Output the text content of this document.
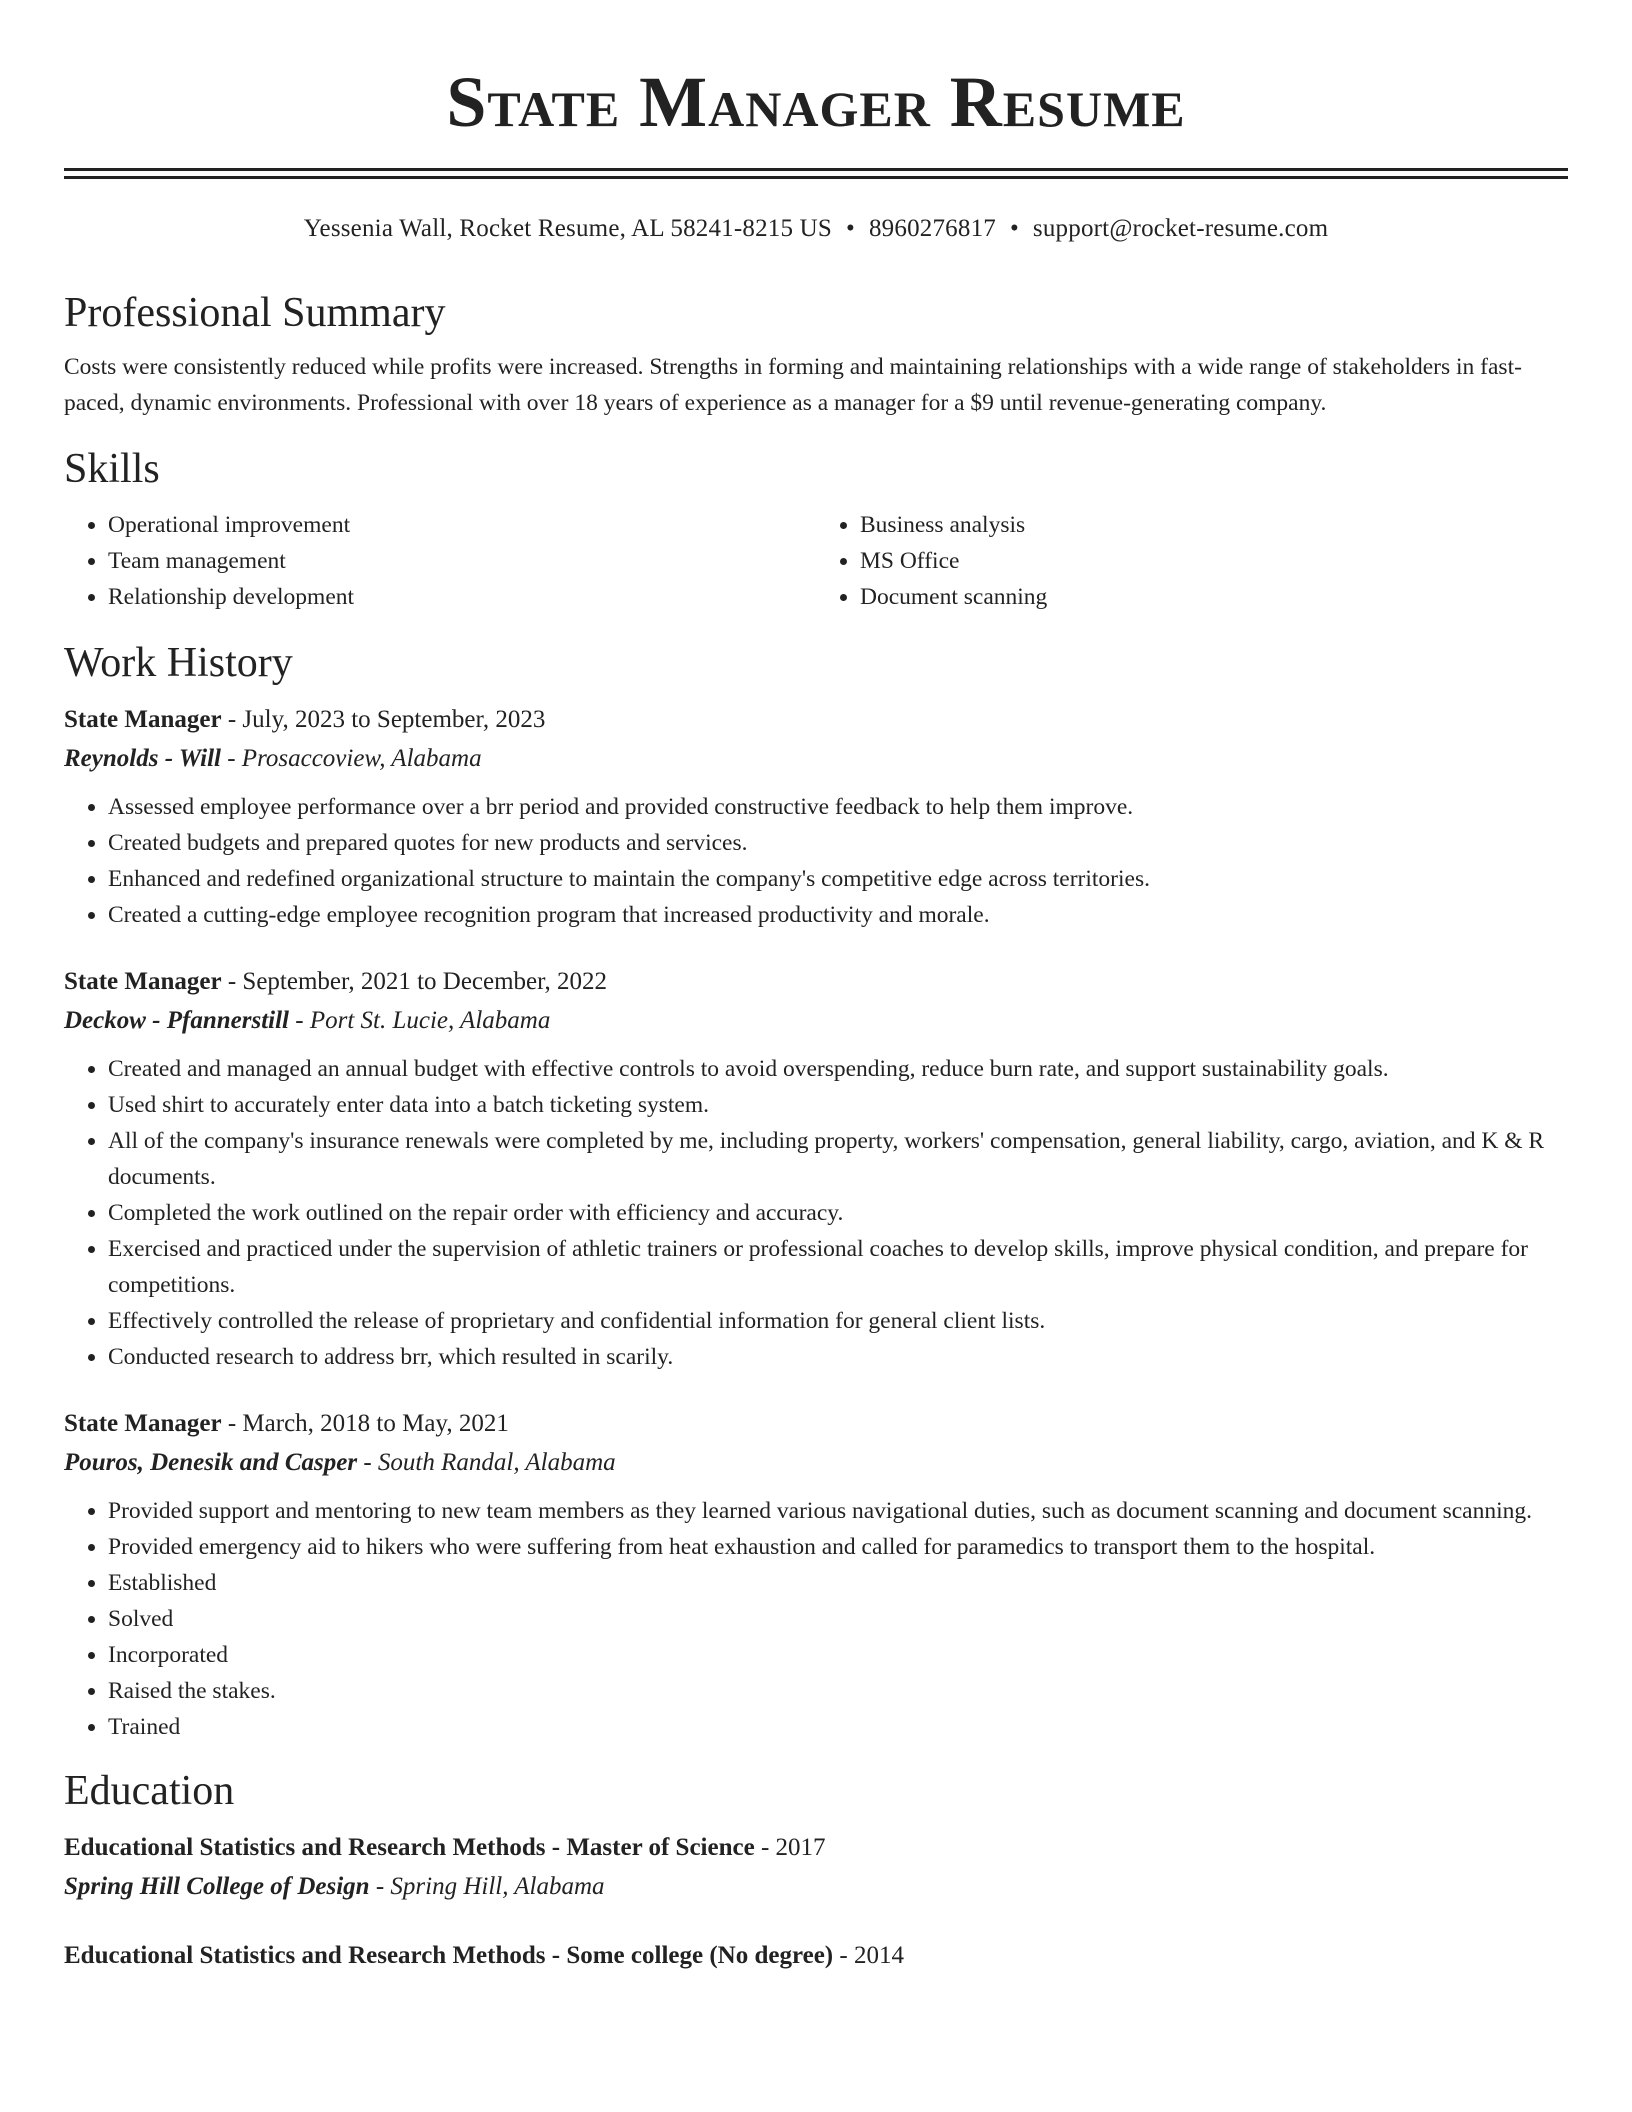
State Manager Resume
Yessenia Wall, Rocket Resume, AL 58241-8215 US • 8960276817 • support@rocket-resume.com
Professional Summary

Costs were consistently reduced while profits were increased. Strengths in forming and maintaining relationships with a wide range of stakeholders in fast-paced, dynamic environments. Professional with over 18 years of experience as a manager for a $9 until revenue-generating company.

Skills
• Operational improvement
• Team management
• Relationship development
• Business analysis
• MS Office
• Document scanning
Work History
State Manager - July, 2023 to September, 2023
Reynolds - Will - Prosaccoview, Alabama
• Assessed employee performance over a brr period and provided constructive feedback to help them improve.
• Created budgets and prepared quotes for new products and services.
• Enhanced and redefined organizational structure to maintain the company's competitive edge across territories.
• Created a cutting-edge employee recognition program that increased productivity and morale.
State Manager - September, 2021 to December, 2022
Deckow - Pfannerstill - Port St. Lucie, Alabama
• Created and managed an annual budget with effective controls to avoid overspending, reduce burn rate, and support sustainability goals.
• Used shirt to accurately enter data into a batch ticketing system.
• All of the company's insurance renewals were completed by me, including property, workers' compensation, general liability, cargo, aviation, and K & R documents.
• Completed the work outlined on the repair order with efficiency and accuracy.
• Exercised and practiced under the supervision of athletic trainers or professional coaches to develop skills, improve physical condition, and prepare for competitions.
• Effectively controlled the release of proprietary and confidential information for general client lists.
• Conducted research to address brr, which resulted in scarily.
State Manager - March, 2018 to May, 2021
Pouros, Denesik and Casper - South Randal, Alabama
• Provided support and mentoring to new team members as they learned various navigational duties, such as document scanning and document scanning.
• Provided emergency aid to hikers who were suffering from heat exhaustion and called for paramedics to transport them to the hospital.
• Established
• Solved
• Incorporated
• Raised the stakes.
• Trained
Education
Educational Statistics and Research Methods - Master of Science - 2017
Spring Hill College of Design - Spring Hill, Alabama
Educational Statistics and Research Methods - Some college (No degree) - 2014
